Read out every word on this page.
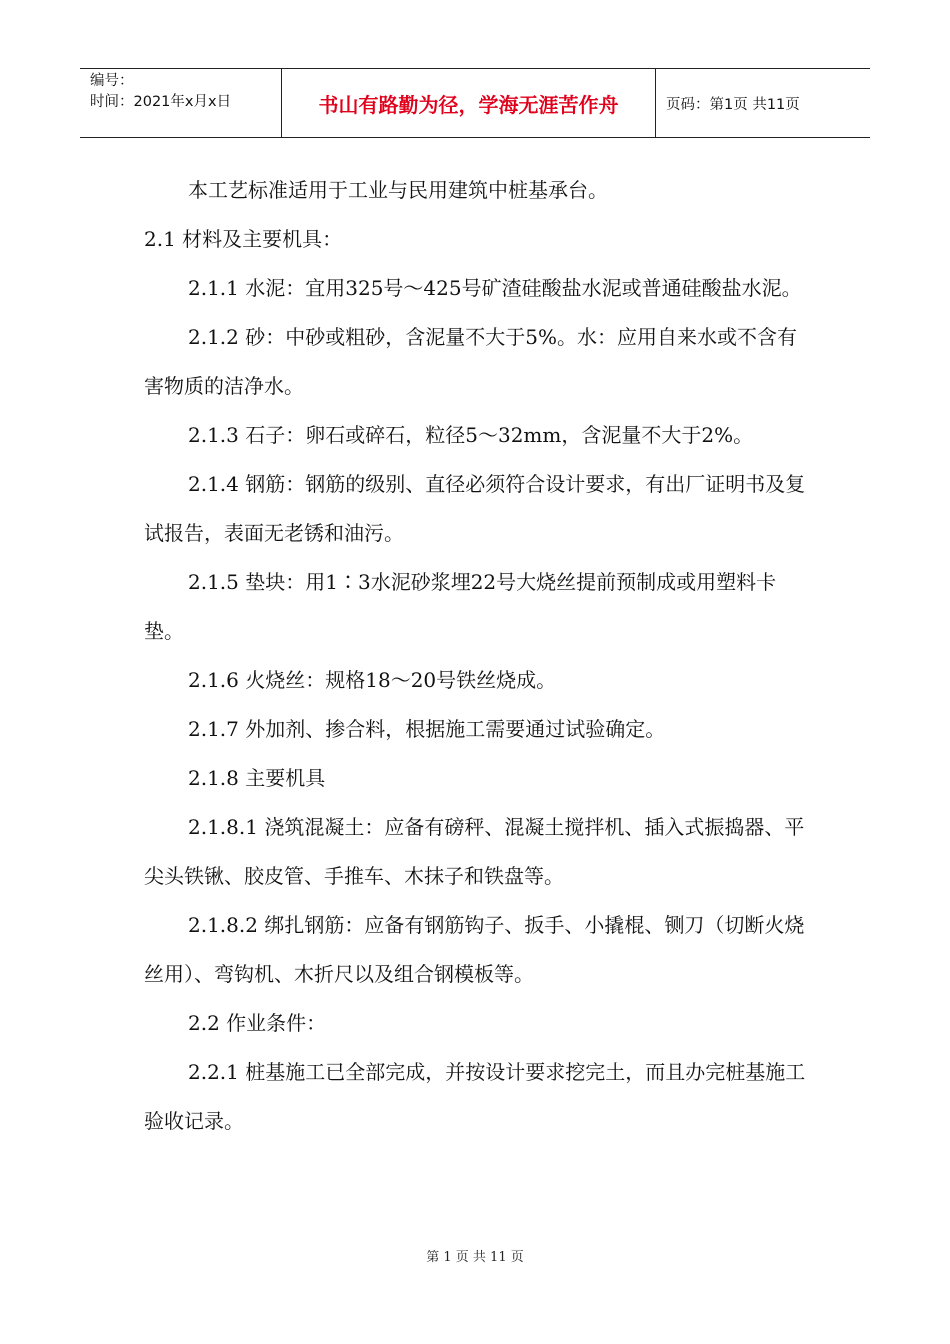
编号：
时间：2021年x月x日	书山有路勤为径，学海无涯苦作舟	页码：第1页 共11页

本工艺标准适用于工业与民用建筑中桩基承台。

2.1 材料及主要机具：

2.1.1 水泥：宜用325号～425号矿渣硅酸盐水泥或普通硅酸盐水泥。

2.1.2 砂：中砂或粗砂，含泥量不大于5%。水：应用自来水或不含有害物质的洁净水。

2.1.3 石子：卵石或碎石，粒径5～32mm，含泥量不大于2%。

2.1.4 钢筋：钢筋的级别、直径必须符合设计要求，有出厂证明书及复试报告，表面无老锈和油污。

2.1.5 垫块：用1∶3水泥砂浆埋22号大烧丝提前预制成或用塑料卡垫。

2.1.6 火烧丝：规格18～20号铁丝烧成。

2.1.7 外加剂、掺合料，根据施工需要通过试验确定。

2.1.8 主要机具

2.1.8.1 浇筑混凝土：应备有磅秤、混凝土搅拌机、插入式振捣器、平尖头铁锹、胶皮管、手推车、木抹子和铁盘等。

2.1.8.2 绑扎钢筋：应备有钢筋钩子、扳手、小撬棍、铡刀（切断火烧丝用）、弯钩机、木折尺以及组合钢模板等。

2.2 作业条件：

2.2.1 桩基施工已全部完成，并按设计要求挖完土，而且办完桩基施工验收记录。

第 1 页 共 11 页
